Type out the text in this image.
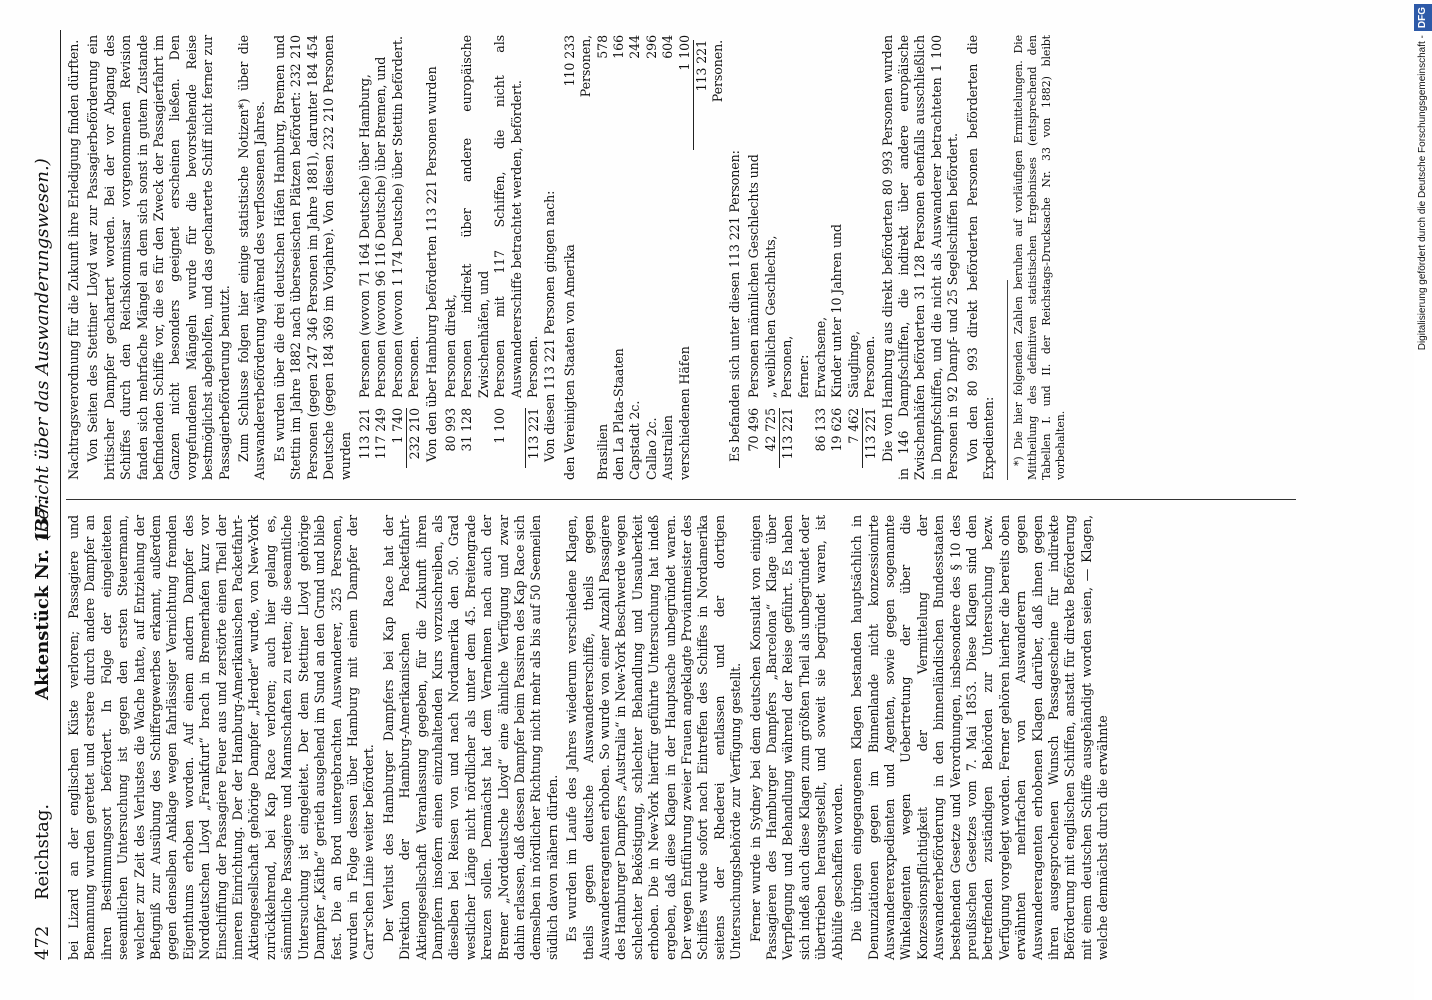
472
Reichstag.
Aktenstück Nr. 137.
(Bericht über das Auswanderungswesen.)

bei Lizard an der englischen Küste verloren; Passagiere und Bemannung wurden gerettet und erstere durch andere Dampfer an ihren Bestimmungsort befördert. In Folge der eingeleiteten seeamtlichen Untersuchung ist gegen den ersten Steuermann, welcher zur Zeit des Verlustes die Wache hatte, auf Entziehung der Befugniß zur Ausübung des Schiffergewerbes erkannt, außerdem gegen denselben Anklage wegen fahrlässiger Vernichtung fremden Eigenthums erhoben worden. Auf einem andern Dampfer des Norddeutschen Lloyd „Frankfurt“ brach in Bremerhafen kurz vor Einschiffung der Passagiere Feuer aus und zerstörte einen Theil der inneren Einrichtung. Der der Hamburg-Amerikanischen Packetfahrt-Aktiengesellschaft gehörige Dampfer „Herder“ wurde, von New-York zurückkehrend, bei Kap Race verloren; auch hier gelang es, sämmtliche Passagiere und Mannschaften zu retten; die seeamtliche Untersuchung ist eingeleitet. Der dem Stettiner Lloyd gehörige Dampfer „Käthe“ gerieth ausgehend im Sund an den Grund und blieb fest. Die an Bord untergebrachten Auswanderer, 325 Personen, wurden in Folge dessen über Hamburg mit einem Dampfer der Carr'schen Linie weiter befördert. Der Verlust des Hamburger Dampfers bei Kap Race hat der Direktion der Hamburg-Amerikanischen Packetfahrt-Aktiengesellschaft Veranlassung gegeben, für die Zukunft ihren Dampfern insofern einen einzuhaltenden Kurs vorzuschreiben, als dieselben bei Reisen von und nach Nordamerika den 50. Grad westlicher Länge nicht nördlicher als unter dem 45. Breitengrade kreuzen sollen. Demnächst hat dem Vernehmen nach auch der Bremer „Norddeutsche Lloyd“ eine ähnliche Verfügung und zwar dahin erlassen, daß dessen Dampfer beim Passiren des Kap Race sich demselben in nördlicher Richtung nicht mehr als bis auf 50 Seemeilen südlich davon nähern dürfen. Es wurden im Laufe des Jahres wiederum verschiedene Klagen, theils gegen deutsche Auswandererschiffe, theils gegen Auswandereragenten erhoben. So wurde von einer Anzahl Passagiere des Hamburger Dampfers „Australia“ in New-York Beschwerde wegen schlechter Beköstigung, schlechter Behandlung und Unsauberkeit erhoben. Die in New-York hierfür geführte Untersuchung hat indeß ergeben, daß diese Klagen in der Hauptsache unbegründet waren. Der wegen Entführung zweier Frauen angeklagte Proviantmeister des Schiffes wurde sofort nach Eintreffen des Schiffes in Nordamerika seitens der Rhederei entlassen und der dortigen Untersuchungsbehörde zur Verfügung gestellt. Ferner wurde in Sydney bei dem deutschen Konsulat von einigen Passagieren des Hamburger Dampfers „Barcelona“ Klage über Verpflegung und Behandlung während der Reise geführt. Es haben sich indeß auch diese Klagen zum größten Theil als unbegründet oder übertrieben herausgestellt, und soweit sie begründet waren, ist Abhülfe geschaffen worden. Die übrigen eingegangenen Klagen bestanden hauptsächlich in Denunziationen gegen im Binnenlande nicht konzessionirte Auswandererexpedienten und Agenten, sowie gegen sogenannte Winkelagenten wegen Uebertretung der über die Konzessionspflichtigkeit der Vermittelung der Auswandererbeförderung in den binnenländischen Bundesstaaten bestehenden Gesetze und Verordnungen, insbesondere des § 10 des preußischen Gesetzes vom 7. Mai 1853. Diese Klagen sind den betreffenden zuständigen Behörden zur Untersuchung bezw. Verfügung vorgelegt worden. Ferner gehören hierher die bereits oben erwähnten mehrfachen von Auswanderern gegen Auswandereragenten erhobenen Klagen darüber, daß ihnen gegen ihren ausgesprochenen Wunsch Passagescheine für indirekte Beförderung mit englischen Schiffen, anstatt für direkte Beförderung mit einem deutschen Schiffe ausgehändigt worden seien, — Klagen, welche demnächst durch die erwähnte

Nachtragsverordnung für die Zukunft ihre Erledigung finden dürften. Von Seiten des Stettiner Lloyd war zur Passagierbeförderung ein britischer Dampfer gechartert worden. Bei der vor Abgang des Schiffes durch den Reichskommissar vorgenommenen Revision fanden sich mehrfache Mängel an dem sich sonst in gutem Zustande befindenden Schiffe vor, die es für den Zweck der Passagierfahrt im Ganzen nicht besonders geeignet erscheinen ließen. Den vorgefundenen Mängeln wurde für die bevorstehende Reise bestmöglichst abgeholfen, und das gecharterte Schiff nicht ferner zur Passagierbeförderung benutzt. Zum Schlusse folgen hier einige statistische Notizen*) über die Auswandererbeförderung während des verflossenen Jahres. Es wurden über die drei deutschen Häfen Hamburg, Bremen und Stettin im Jahre 1882 nach überseeischen Plätzen befördert: 232 210 Personen (gegen 247 346 Personen im Jahre 1881), darunter 184 454 Deutsche (gegen 184 369 im Vorjahre). Von diesen 232 210 Personen wurden 113 221
Personen (wovon 71 164 Deutsche) über Hamburg,
117 249
Personen (wovon 96 116 Deutsche) über Bremen, und
1 740
Personen (wovon 1 174 Deutsche) über Stettin befördert.
232 210
Personen. Von den über Hamburg beförderten 113 221 Personen wurden 80 993
Personen direkt,
31 128
Personen indirekt über andere europäische Zwischenhäfen, und
1 100
Personen mit 117 Schiffen, die nicht als Auswandererschiffe betrachtet werden, befördert.
113 221
Personen. Von diesen 113 221 Personen gingen nach: den Vereinigten Staaten von Amerika
110 233 Personen,
Brasilien
578
den La Plata-Staaten
166
Capstadt 2c.
244
Callao 2c.
296
Australien
604
verschiedenen Häfen
1 100 113 221 Personen.

Es befanden sich unter diesen 113 221 Personen: 70 496
Personen männlichen Geschlechts und
42 725
„ weiblichen Geschlechts,
113 221
Personen, ferner:
86 133
Erwachsene,
19 626
Kinder unter 10 Jahren und
7 462
Säuglinge,
113 221
Personen. Die von Hamburg aus direkt beförderten 80 993 Personen wurden in 146 Dampfschiffen, die indirekt über andere europäische Zwischenhäfen beförderten 31 128 Personen ebenfalls ausschließlich in Dampfschiffen, und die nicht als Auswanderer betrachteten 1 100 Personen in 92 Dampf- und 25 Segelschiffen befördert. Von den 80 993 direkt beförderten Personen beförderten die Expedienten: *) Die hier folgenden Zahlen beruhen auf vorläufigen Ermittelungen. Die Mittheilung des definitiven statistischen Ergebnisses (entsprechend den Tabellen I. und II. der Reichstags-Drucksache Nr. 33 von 1882) bleibt vorbehalten.

Digitalisierung gefördert durch die Deutsche Forschungsgemeinschaft -DFG
